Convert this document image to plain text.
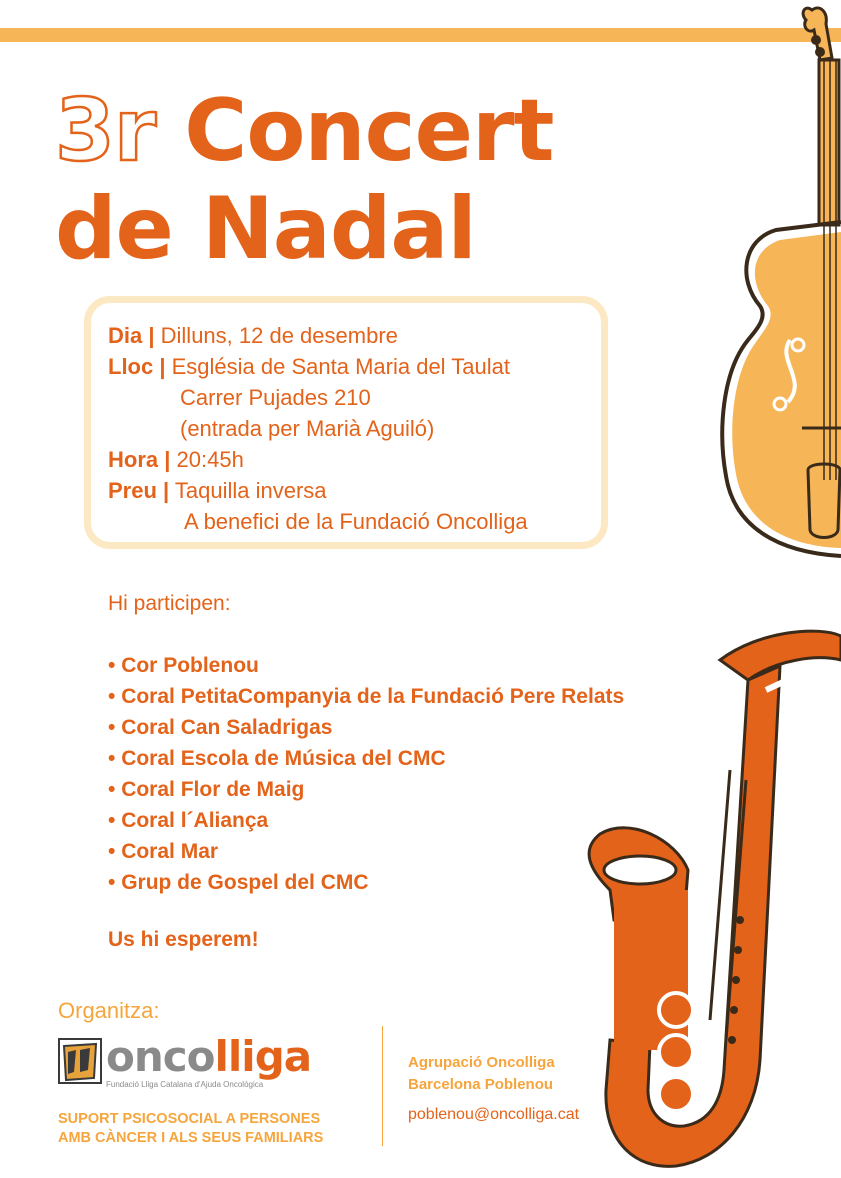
3r Concert
de Nadal
Dia | Dilluns, 12 de desembre
Lloc | Església de Santa Maria del Taulat
Carrer Pujades 210
(entrada per Marià Aguiló)
Hora | 20:45h
Preu | Taquilla inversa
A benefici de la Fundació Oncolliga
Hi participen:
• Cor Poblenou
• Coral PetitaCompanyia de la Fundació Pere Relats
• Coral Can Saladrigas
• Coral Escola de Música del CMC
• Coral Flor de Maig
• Coral l´Aliança
• Coral Mar
• Grup de Gospel del CMC
Us hi esperem!
Organitza:
oncolliga
Fundació Lliga Catalana d'Ajuda Oncològica
SUPORT PSICOSOCIAL A PERSONES
AMB CÀNCER I ALS SEUS FAMILIARS
Agrupació Oncolliga
Barcelona Poblenou
poblenou@oncolliga.cat
